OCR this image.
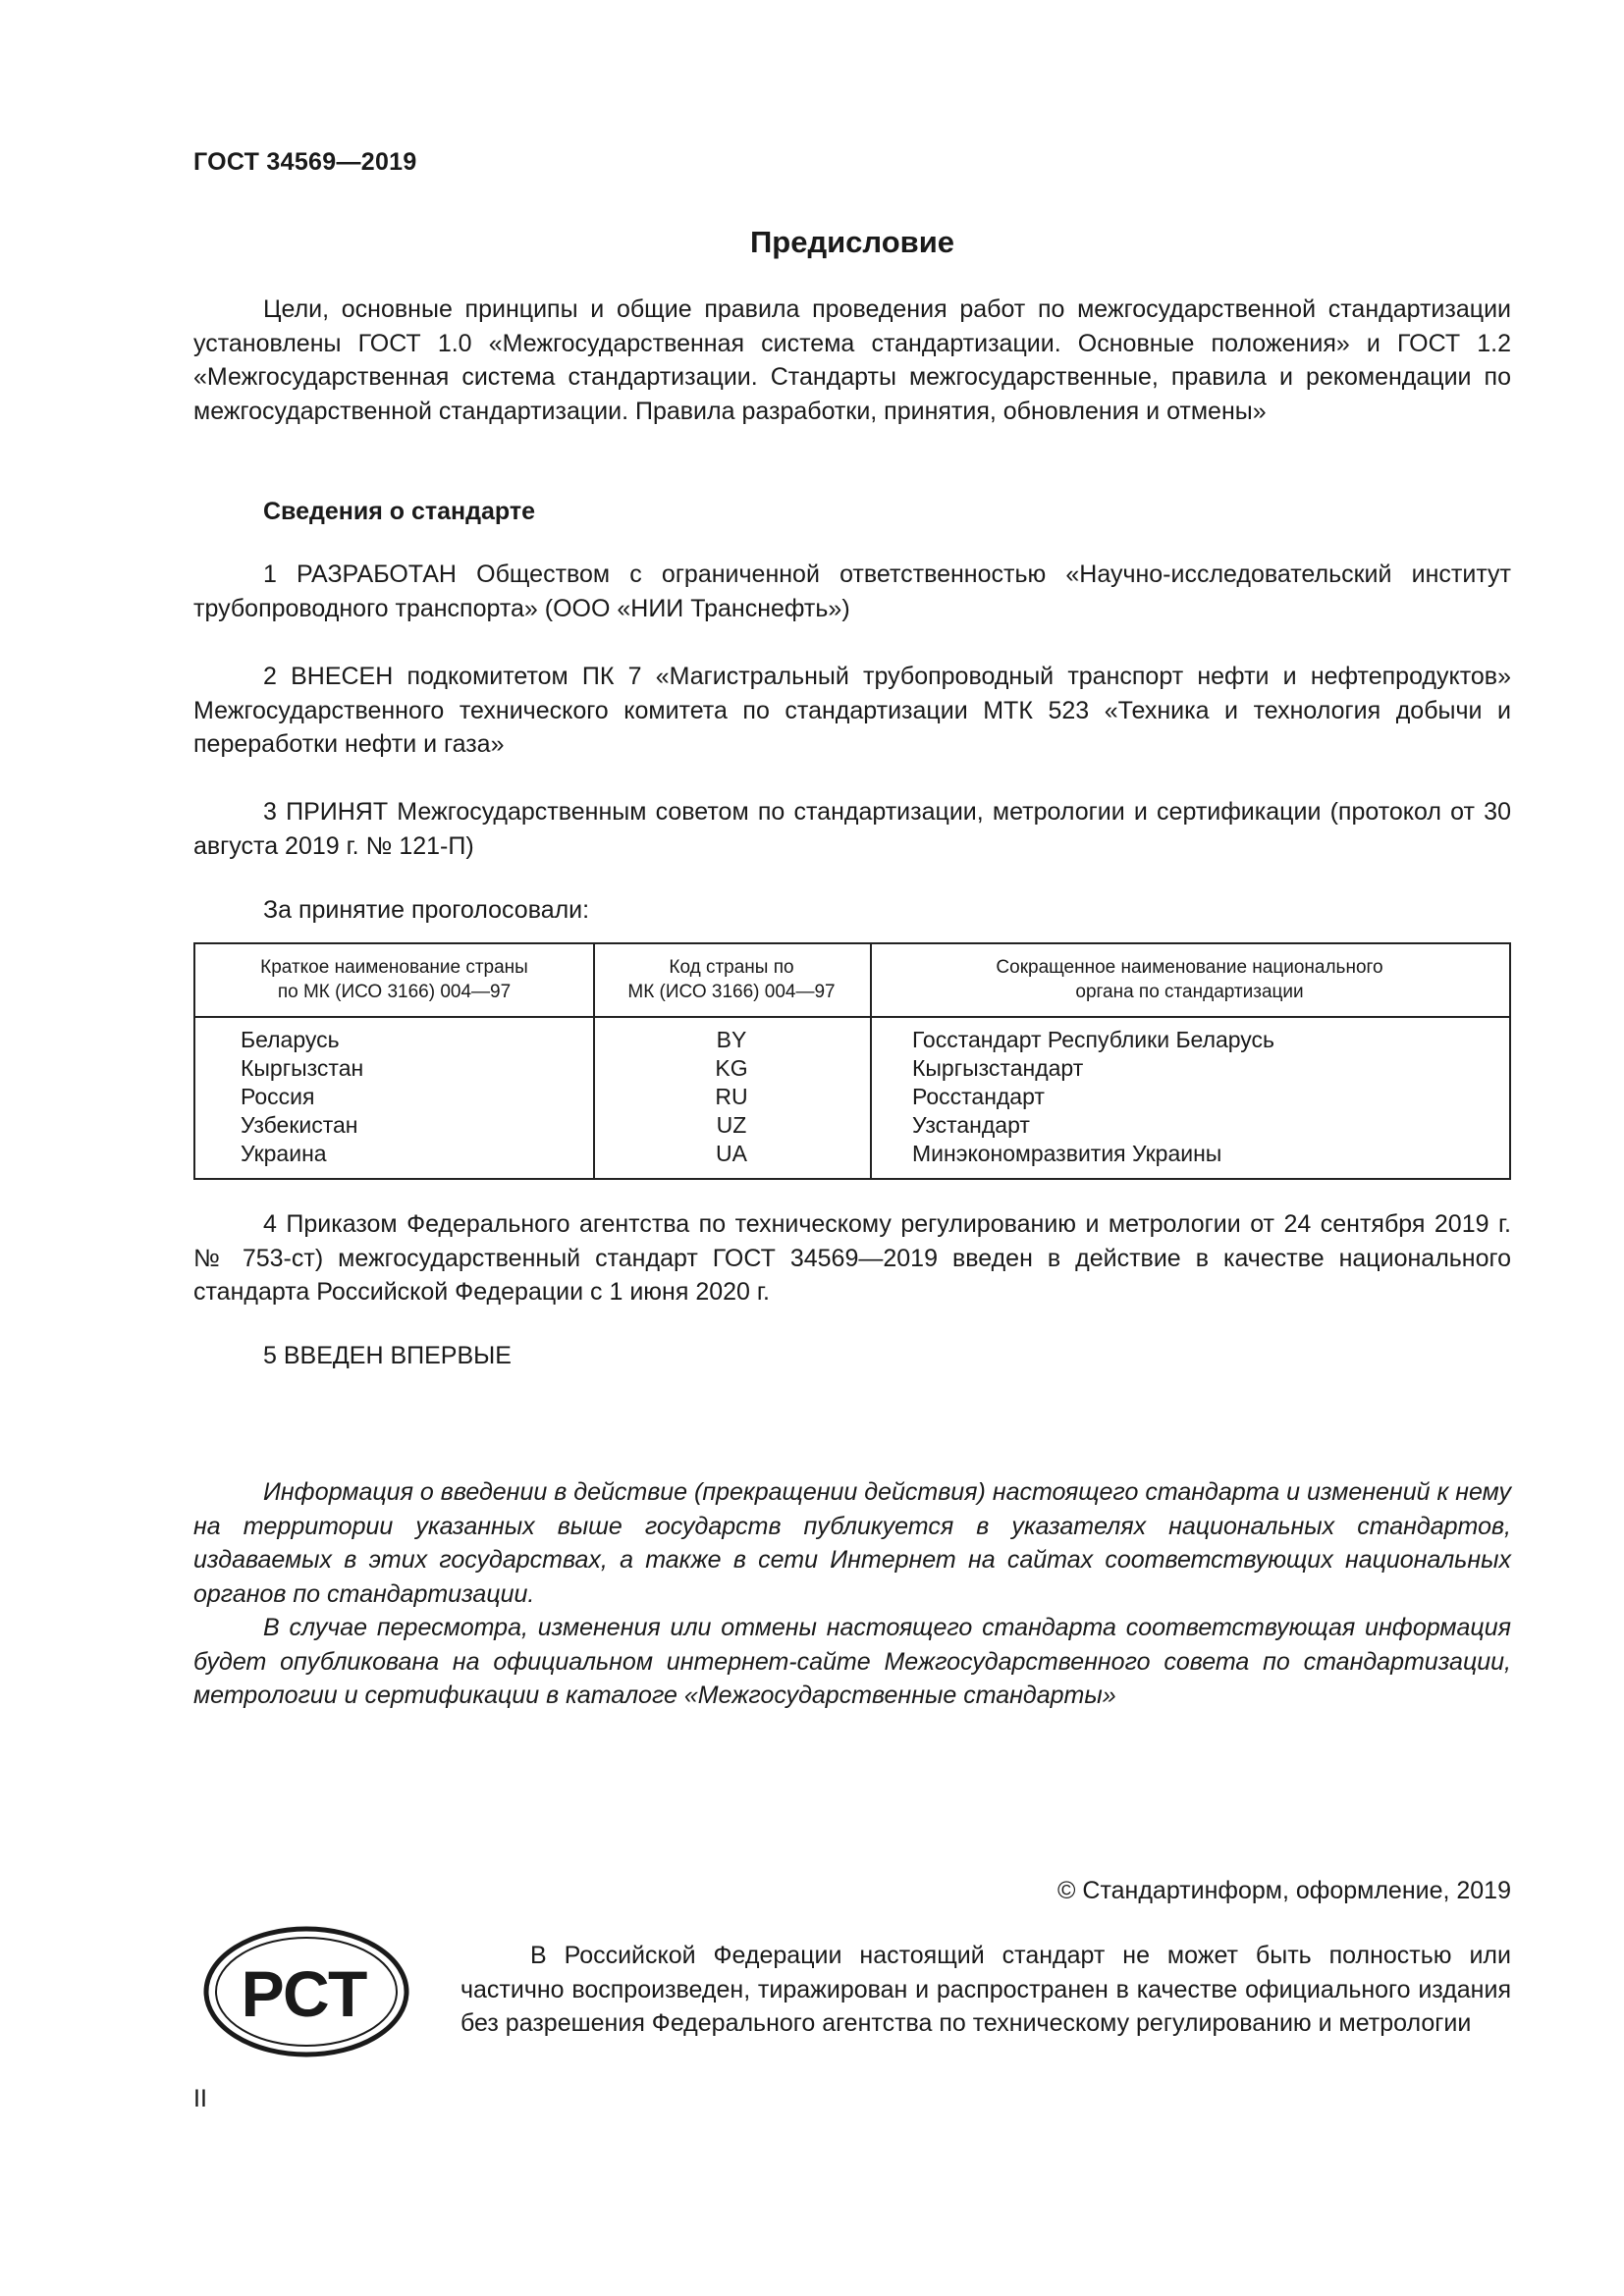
ГОСТ 34569—2019
Предисловие
Цели, основные принципы и общие правила проведения работ по межгосударственной стандартизации установлены ГОСТ 1.0 «Межгосударственная система стандартизации. Основные положения» и ГОСТ 1.2 «Межгосударственная система стандартизации. Стандарты межгосударственные, правила и рекомендации по межгосударственной стандартизации. Правила разработки, принятия, обновления и отмены»
Сведения о стандарте
1 РАЗРАБОТАН Обществом с ограниченной ответственностью «Научно-исследовательский институт трубопроводного транспорта» (ООО «НИИ Транснефть»)
2 ВНЕСЕН подкомитетом ПК 7 «Магистральный трубопроводный транспорт нефти и нефтепродуктов» Межгосударственного технического комитета по стандартизации МТК 523 «Техника и технология добычи и переработки нефти и газа»
3 ПРИНЯТ Межгосударственным советом по стандартизации, метрологии и сертификации (протокол от 30 августа 2019 г. № 121-П)
За принятие проголосовали:
Краткое наименование страны
по МК (ИСО 3166) 004—97
Код страны по
МК (ИСО 3166) 004—97
Сокращенное наименование национального
органа по стандартизации
Беларусь
Кыргызстан
Россия
Узбекистан
Украина
BY
KG
RU
UZ
UA
Госстандарт Республики Беларусь
Кыргызстандарт
Росстандарт
Узстандарт
Минэкономразвития Украины
4 Приказом Федерального агентства по техническому регулированию и метрологии от 24 сентября 2019 г. № 753-ст) межгосударственный стандарт ГОСТ 34569—2019 введен в действие в качестве национального стандарта Российской Федерации с 1 июня 2020 г.
5 ВВЕДЕН ВПЕРВЫЕ
Информация о введении в действие (прекращении действия) настоящего стандарта и изменений к нему на территории указанных выше государств публикуется в указателях национальных стандартов, издаваемых в этих государствах, а также в сети Интернет на сайтах соответствующих национальных органов по стандартизации.
В случае пересмотра, изменения или отмены настоящего стандарта соответствующая информация будет опубликована на официальном интернет-сайте Межгосударственного совета по стандартизации, метрологии и сертификации в каталоге «Межгосударственные стандарты»
© Стандартинформ, оформление, 2019
РСТ
В Российской Федерации настоящий стандарт не может быть полностью или частично воспроизведен, тиражирован и распространен в качестве официального издания без разрешения Федерального агентства по техническому регулированию и метрологии
II
